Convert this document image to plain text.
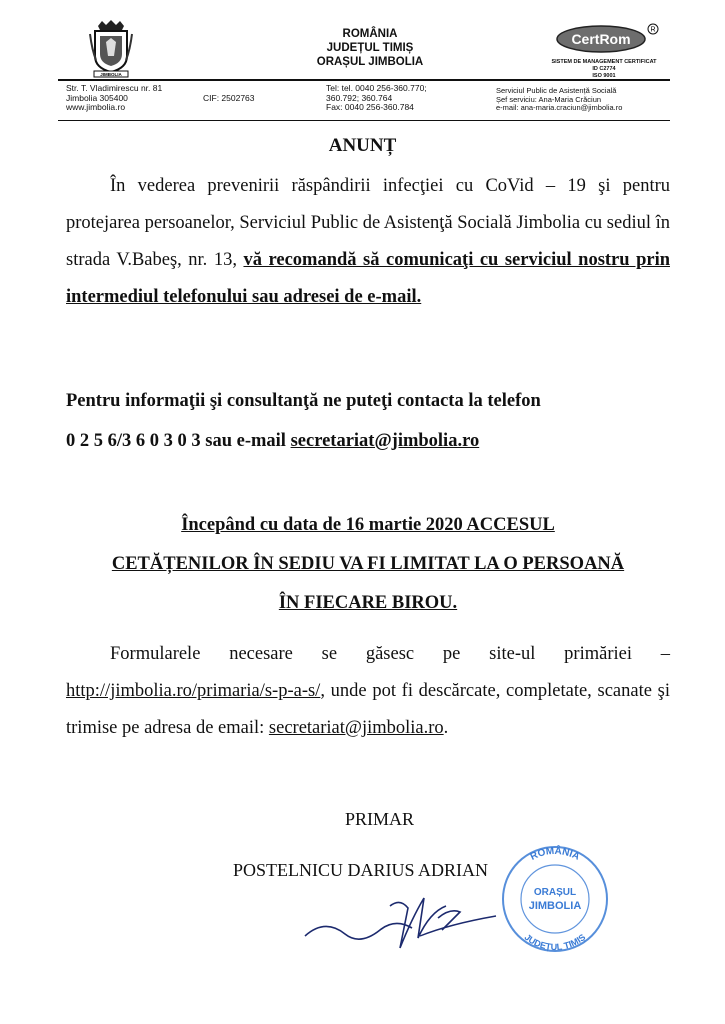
JIMBOLIA
ROMÂNIA
JUDEȚUL TIMIȘ
ORAȘUL JIMBOLIA
CertRom
R
SISTEM DE MANAGEMENT CERTIFICAT
ID C2774
ISO 9001
Str. T. Vladimirescu nr. 81
Jimbolia 305400
www.jimbolia.ro
CIF: 2502763
Tel: tel. 0040 256-360.770;
360.792; 360.764
Fax: 0040 256-360.784
Serviciul Public de Asistență Socială
Șef serviciu: Ana-Maria Crăciun
e-mail: ana-maria.craciun@jimbolia.ro
ANUNȚ
În vederea prevenirii răspândirii infecţiei cu CoVid – 19 şi pentru protejarea persoanelor, Serviciul Public de Asistenţă Socială Jimbolia cu sediul în strada V.Babeş, nr. 13, vă recomandă să comunicaţi cu serviciul nostru prin intermediul telefonului sau adresei de e-mail.
Pentru informaţii şi consultanţă ne puteţi contacta la telefon
0 2 5 6/3 6 0 3 0 3 sau e-mail secretariat@jimbolia.ro
Începând cu data de 16 martie 2020 ACCESUL
CETĂȚENILOR ÎN SEDIU VA FI LIMITAT LA O PERSOANĂ
ÎN FIECARE BIROU.
Formularele necesare se găsesc pe site-ul primăriei – http://jimbolia.ro/primaria/s-p-a-s/, unde pot fi descărcate, completate, scanate şi trimise pe adresa de email: secretariat@jimbolia.ro.
PRIMAR
POSTELNICU DARIUS ADRIAN
ROMÂNIA
ORAȘUL
JIMBOLIA
JUDEȚUL TIMIȘ
